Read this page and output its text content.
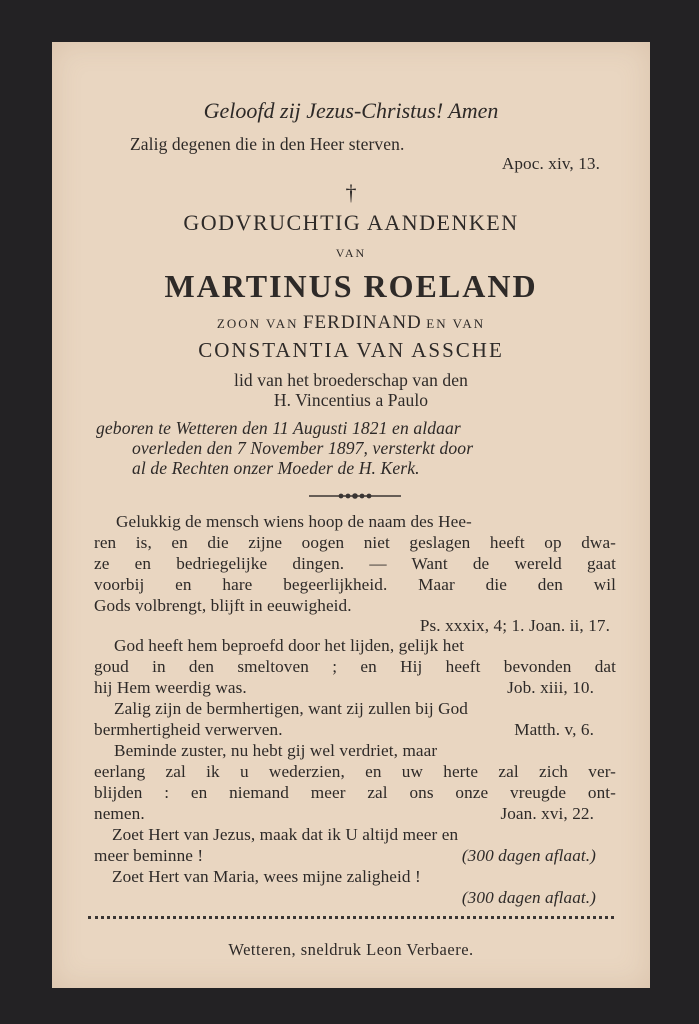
Geloofd zij Jezus-Christus! Amen
Zalig degenen die in den Heer sterven.
Apoc. xiv, 13.
†
GODVRUCHTIG AANDENKEN
VAN
MARTINUS ROELAND
ZOON VAN FERDINAND EN VAN
CONSTANTIA VAN ASSCHE
lid van het broederschap van den
H. Vincentius a Paulo
geboren te Wetteren den 11 Augusti 1821 en aldaar
overleden den 7 November 1897, versterkt door
al de Rechten onzer Moeder de H. Kerk.
Gelukkig de mensch wiens hoop de naam des Hee-
ren is, en die zijne oogen niet geslagen heeft op dwa-
ze en bedriegelijke dingen. — Want de wereld gaat
voorbij en hare begeerlijkheid. Maar die den wil
Gods volbrengt, blijft in eeuwigheid.
Ps. xxxix, 4; 1. Joan. ii, 17.
God heeft hem beproefd door het lijden, gelijk het
goud in den smeltoven ; en Hij heeft bevonden dat
hij Hem weerdig was.	Job. xiii, 10.
Zalig zijn de bermhertigen, want zij zullen bij God
bermhertigheid verwerven.	Matth. v, 6.
Beminde zuster, nu hebt gij wel verdriet, maar
eerlang zal ik u wederzien, en uw herte zal zich ver-
blijden : en niemand meer zal ons onze vreugde ont-
nemen.	Joan. xvi, 22.
Zoet Hert van Jezus, maak dat ik U altijd meer en
meer beminne !	(300 dagen aflaat.)
Zoet Hert van Maria, wees mijne zaligheid !
(300 dagen aflaat.)
Wetteren, sneldruk Leon Verbaere.
